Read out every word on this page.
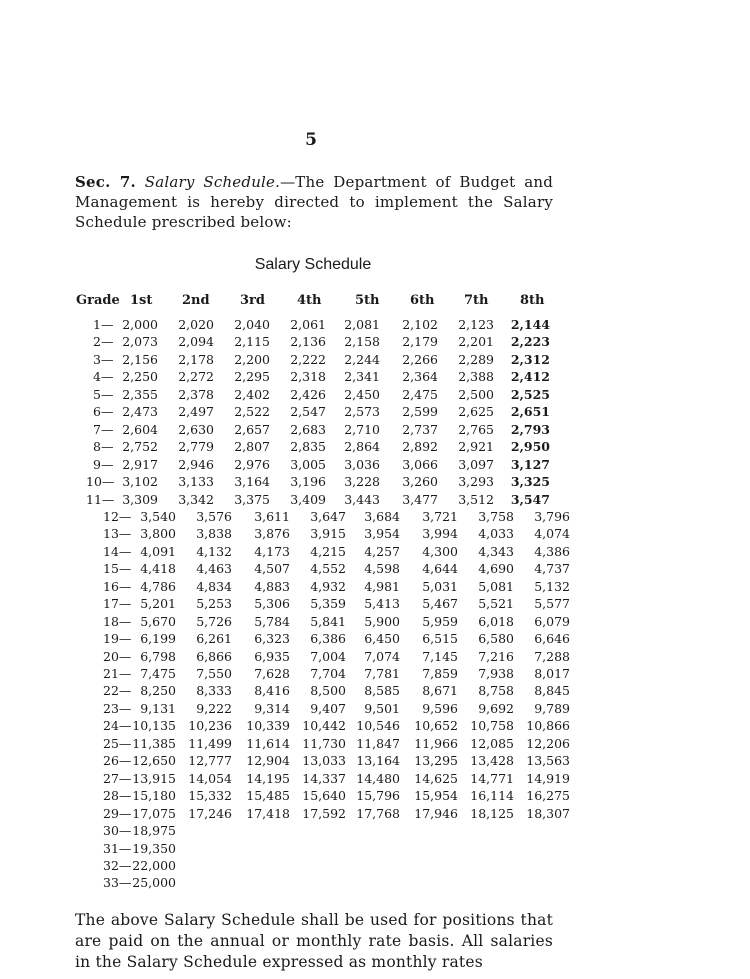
5
Sec. 7. Salary Schedule.—The Department of Budget and Management is hereby directed to implement the Salary Schedule prescribed below:
Salary Schedule
Grade 1st 2nd 3rd 4th	5th 6th 7th 8th
1— 2,000 2,020 2,040 2,061 2,081 2,102 2,123 2,144
2— 2,073 2,094 2,115 2,136 2,158 2,179 2,201 2,223
3— 2,156 2,178 2,200 2,222 2,244 2,266 2,289 2,312
4— 2,250 2,272 2,295 2,318 2,341 2,364 2,388 2,412
5— 2,355 2,378 2,402 2,426 2,450 2,475 2,500 2,525
6— 2,473 2,497 2,522 2,547 2,573 2,599 2,625 2,651
7— 2,604 2,630 2,657 2,683 2,710 2,737 2,765 2,793
8— 2,752 2,779 2,807 2,835 2,864 2,892 2,921 2,950
9— 2,917 2,946 2,976 3,005 3,036 3,066 3,097 3,127
10— 3,102 3,133 3,164 3,196 3,228 3,260 3,293 3,325
11— 3,309 3,342 3,375 3,409 3,443 3,477 3,512 3,547
12— 3,540 3,576 3,611 3,647 3,684 3,721 3,758 3,796
13— 3,800 3,838 3,876 3,915 3,954 3,994 4,033 4,074
14— 4,091 4,132 4,173 4,215 4,257 4,300 4,343 4,386
15— 4,418 4,463 4,507 4,552 4,598 4,644 4,690 4,737
16— 4,786 4,834 4,883 4,932 4,981 5,031 5,081 5,132
17— 5,201 5,253 5,306 5,359 5,413 5,467 5,521 5,577
18— 5,670 5,726 5,784 5,841 5,900 5,959 6,018 6,079
19— 6,199 6,261 6,323 6,386 6,450 6,515 6,580 6,646
20— 6,798 6,866 6,935 7,004 7,074 7,145 7,216 7,288
21— 7,475 7,550 7,628 7,704 7,781 7,859 7,938 8,017
22— 8,250 8,333 8,416 8,500 8,585 8,671 8,758 8,845
23— 9,131 9,222 9,314 9,407 9,501 9,596 9,692 9,789
24— 10,135 10,236 10,339 10,442 10,546 10,652 10,758 10,866
25— 11,385 11,499 11,614 11,730 11,847 11,966 12,085 12,206
26— 12,650 12,777 12,904 13,033 13,164 13,295 13,428 13,563
27— 13,915 14,054 14,195 14,337 14,480 14,625 14,771 14,919
28— 15,180 15,332 15,485 15,640 15,796 15,954 16,114 16,275
29— 17,075 17,246 17,418 17,592 17,768 17,946 18,125 18,307
30— 18,975
31— 19,350
32— 22,000
33— 25,000
The above Salary Schedule shall be used for positions that are paid on the annual or monthly rate basis. All salaries in the Salary Schedule expressed as monthly rates
